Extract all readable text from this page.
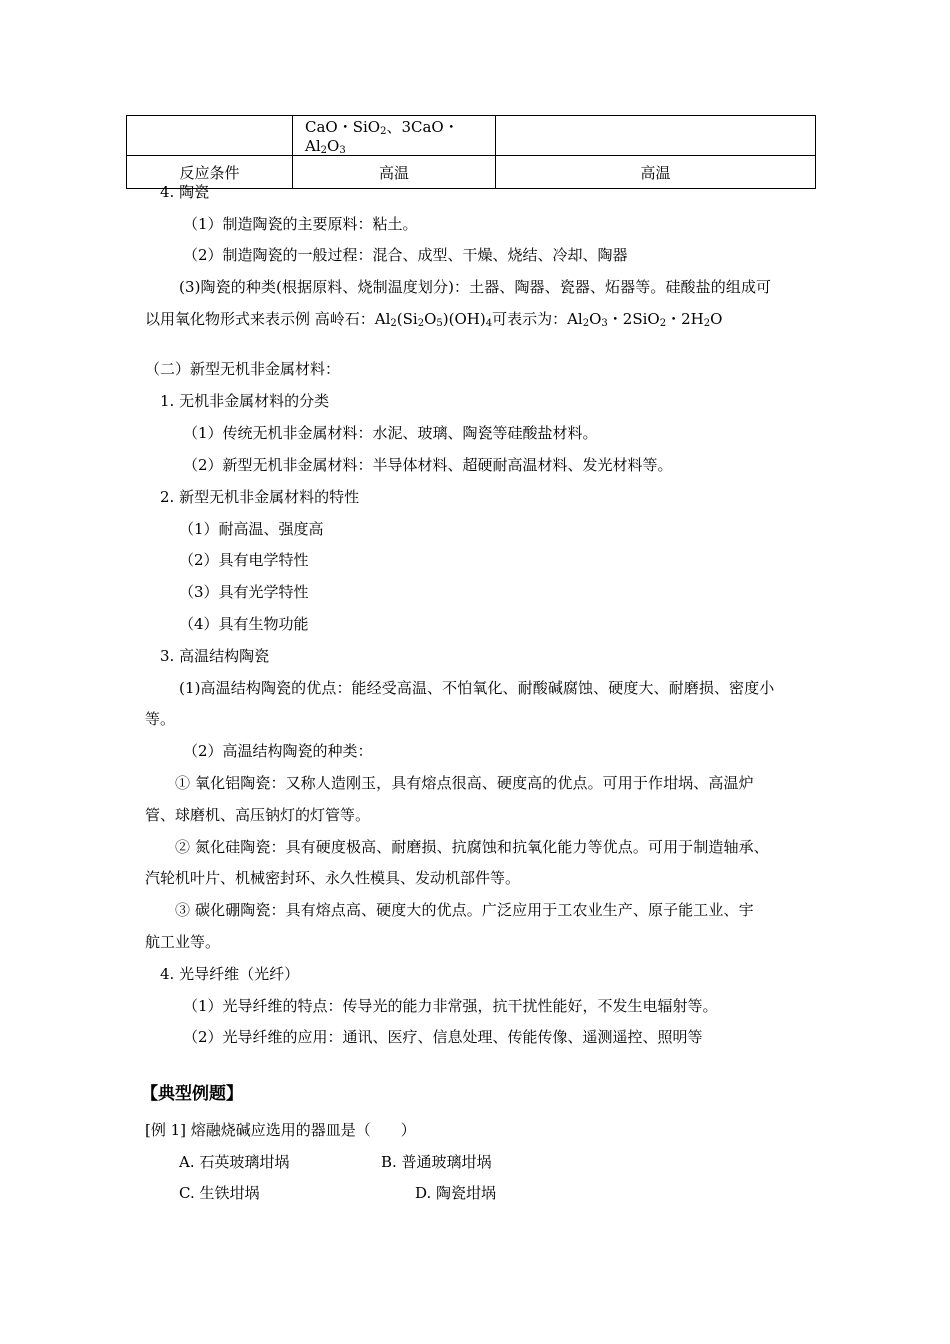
	CaO・SiO$_2$、3CaO・$Al_2O_3$	
反应条件	高温	高温
4. 陶瓷
（1）制造陶瓷的主要原料：粘土。
（2）制造陶瓷的一般过程：混合、成型、干燥、烧结、冷却、陶器
(3)陶瓷的种类(根据原料、烧制温度划分)：土器、陶器、瓷器、炻器等。硅酸盐的组成可
以用氧化物形式来表示例 高岭石：$Al_2(Si_2O_5)(OH)_4$可表示为：$Al_2O_3$・2SiO$_2$・$2H_2O$
（二）新型无机非金属材料：
1. 无机非金属材料的分类
（1）传统无机非金属材料：水泥、玻璃、陶瓷等硅酸盐材料。
（2）新型无机非金属材料：半导体材料、超硬耐高温材料、发光材料等。
2. 新型无机非金属材料的特性
（1）耐高温、强度高
（2）具有电学特性
（3）具有光学特性
（4）具有生物功能
3. 高温结构陶瓷
(1)高温结构陶瓷的优点：能经受高温、不怕氧化、耐酸碱腐蚀、硬度大、耐磨损、密度小
等。
（2）高温结构陶瓷的种类：
① 氧化铝陶瓷：又称人造刚玉，具有熔点很高、硬度高的优点。可用于作坩埚、高温炉
管、球磨机、高压钠灯的灯管等。
② 氮化硅陶瓷：具有硬度极高、耐磨损、抗腐蚀和抗氧化能力等优点。可用于制造轴承、
汽轮机叶片、机械密封环、永久性模具、发动机部件等。
③ 碳化硼陶瓷：具有熔点高、硬度大的优点。广泛应用于工农业生产、原子能工业、宇
航工业等。
4. 光导纤维（光纤）
（1）光导纤维的特点：传导光的能力非常强，抗干扰性能好，不发生电辐射等。
（2）光导纤维的应用：通讯、医疗、信息处理、传能传像、遥测遥控、照明等
【典型例题】
[例 1] 熔融烧碱应选用的器皿是（　　）
A. 石英玻璃坩埚	B. 普通玻璃坩埚
C. 生铁坩埚	D. 陶瓷坩埚
